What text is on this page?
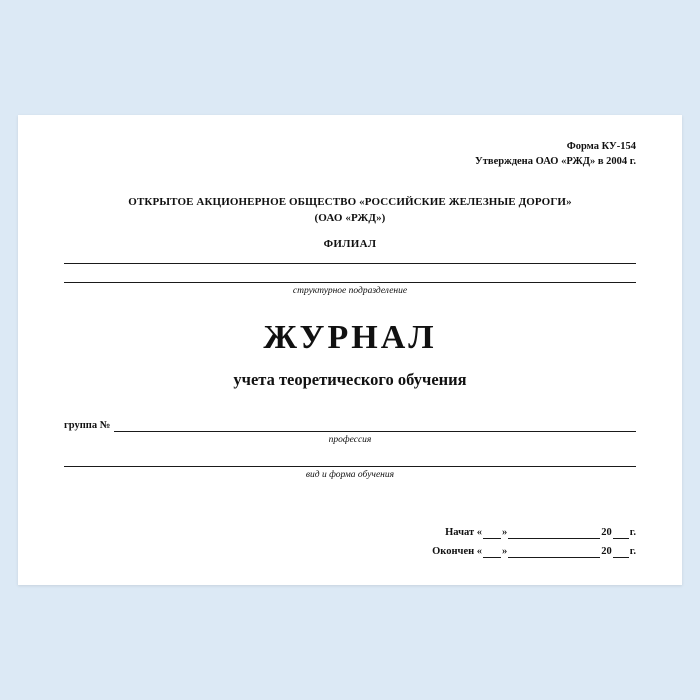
Форма КУ-154
Утверждена ОАО «РЖД» в 2004 г.
ОТКРЫТОЕ АКЦИОНЕРНОЕ ОБЩЕСТВО «РОССИЙСКИЕ ЖЕЛЕЗНЫЕ ДОРОГИ»
(ОАО «РЖД»)
ФИЛИАЛ
структурное подразделение
ЖУРНАЛ
учета теоретического обучения
группа №
профессия
вид и форма обучения
Начат « »	20 г.
Окончен « »	20 г.
